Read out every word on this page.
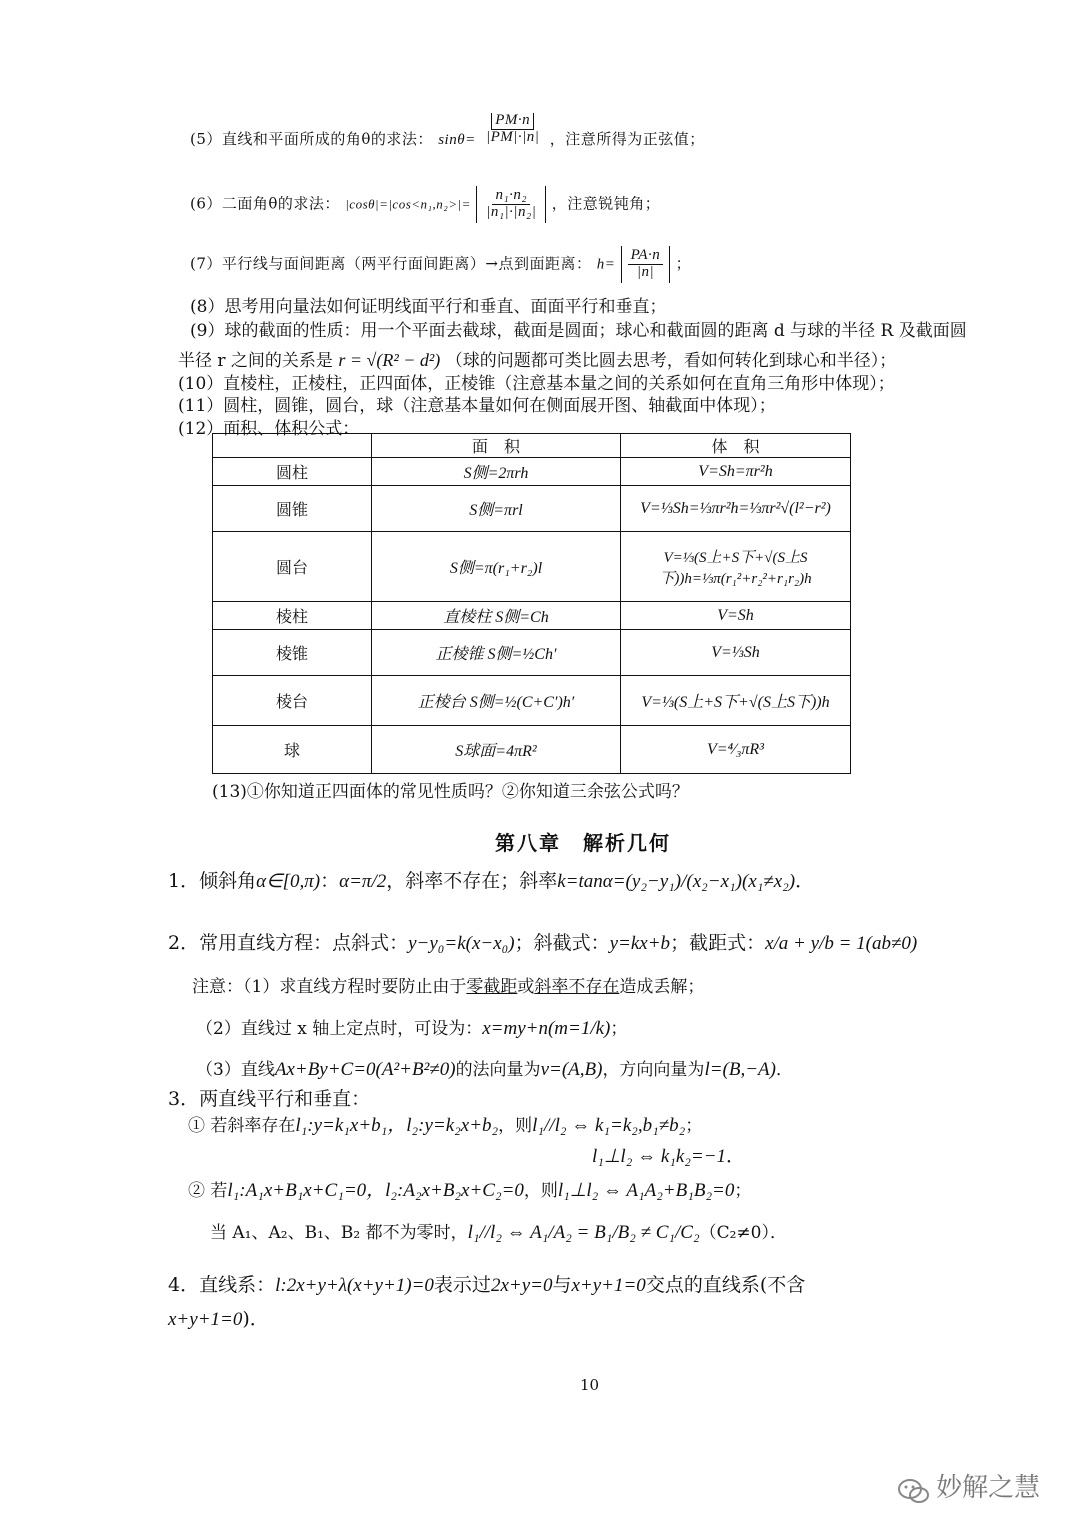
(5）直线和平面所成的角θ的求法： $\sin\theta= \frac{PM\cdot n}{|PM|\cdot|n|}$ ，注意所得为正弦值；
(6）二面角θ的求法： $|\cos\theta|=|\cos<n_1,n_2>|= \frac{\text{n₁·n₂}}{\text{|n₁|·|n₂|}}$ ，注意锐钝角；
(7）平行线与面间距离（两平行面间距离）→点到面距离： $h= \frac{PA\cdot n}{|n|}$ ；
(8）思考用向量法如何证明线面平行和垂直、面面平行和垂直；
(9）球的截面的性质：用一个平面去截球，截面是圆面；球心和截面圆的距离 d 与球的半径 R 及截面圆
半径 r 之间的关系是 r = √(R² − d²) （球的问题都可类比圆去思考，看如何转化到球心和半径）；
(10）直棱柱，正棱柱，正四面体，正棱锥（注意基本量之间的关系如何在直角三角形中体现）；
(11）圆柱，圆锥，圆台，球（注意基本量如何在侧面展开图、轴截面中体现）；
(12）面积、体积公式：
	面　积	体　积
圆柱	S侧=2πrh	V=Sh=πr²h
圆锥	S侧=πrl	V=⅓Sh=⅓πr²h=⅓πr²√(l²−r²)
圆台	S侧=π(r₁+r₂)l	V=⅓(S上+S下+√(S上S下))h=⅓π(r₁²+r₂²+r₁r₂)h
棱柱	直棱柱 S侧=Ch	V=Sh
棱锥	正棱锥 S侧=½Ch′	V=⅓Sh
棱台	正棱台 S侧=½(C+C′)h′	V=⅓(S上+S下+√(S上S下))h
球	S球面=4πR²	V=⁴⁄₃πR³
(13)①你知道正四面体的常见性质吗？②你知道三余弦公式吗？
第八章　解析几何
1．倾斜角α∈[0,π)：α=π/2，斜率不存在；斜率k=tanα=(y₂−y₁)/(x₂−x₁)(x₁≠x₂)．
2．常用直线方程：点斜式：y−y₀=k(x−x₀)；斜截式：y=kx+b；截距式：x/a + y/b = 1(ab≠0)
注意：（1）求直线方程时要防止由于零截距或斜率不存在造成丢解；
（2）直线过 x 轴上定点时，可设为：x=my+n(m=1/k)；
（3）直线Ax+By+C=0(A²+B²≠0)的法向量为v=(A,B)，方向向量为l=(B,−A)．
3．两直线平行和垂直：
① 若斜率存在l₁:y=k₁x+b₁，l₂:y=k₂x+b₂，则l₁//l₂ ⇔ k₁=k₂,b₁≠b₂；
l₁⊥l₂ ⇔ k₁k₂=−1．
② 若l₁:A₁x+B₁x+C₁=0，l₂:A₂x+B₂x+C₂=0，则l₁⊥l₂ ⇔ A₁A₂+B₁B₂=0；
当 A₁、A₂、B₁、B₂ 都不为零时，l₁//l₂ ⇔ A₁/A₂ = B₁/B₂ ≠ C₁/C₂（C₂≠0）．
4．直线系：l:2x+y+λ(x+y+1)=0表示过2x+y=0与x+y+1=0交点的直线系(不含
x+y+1=0)．
10
妙解之慧
